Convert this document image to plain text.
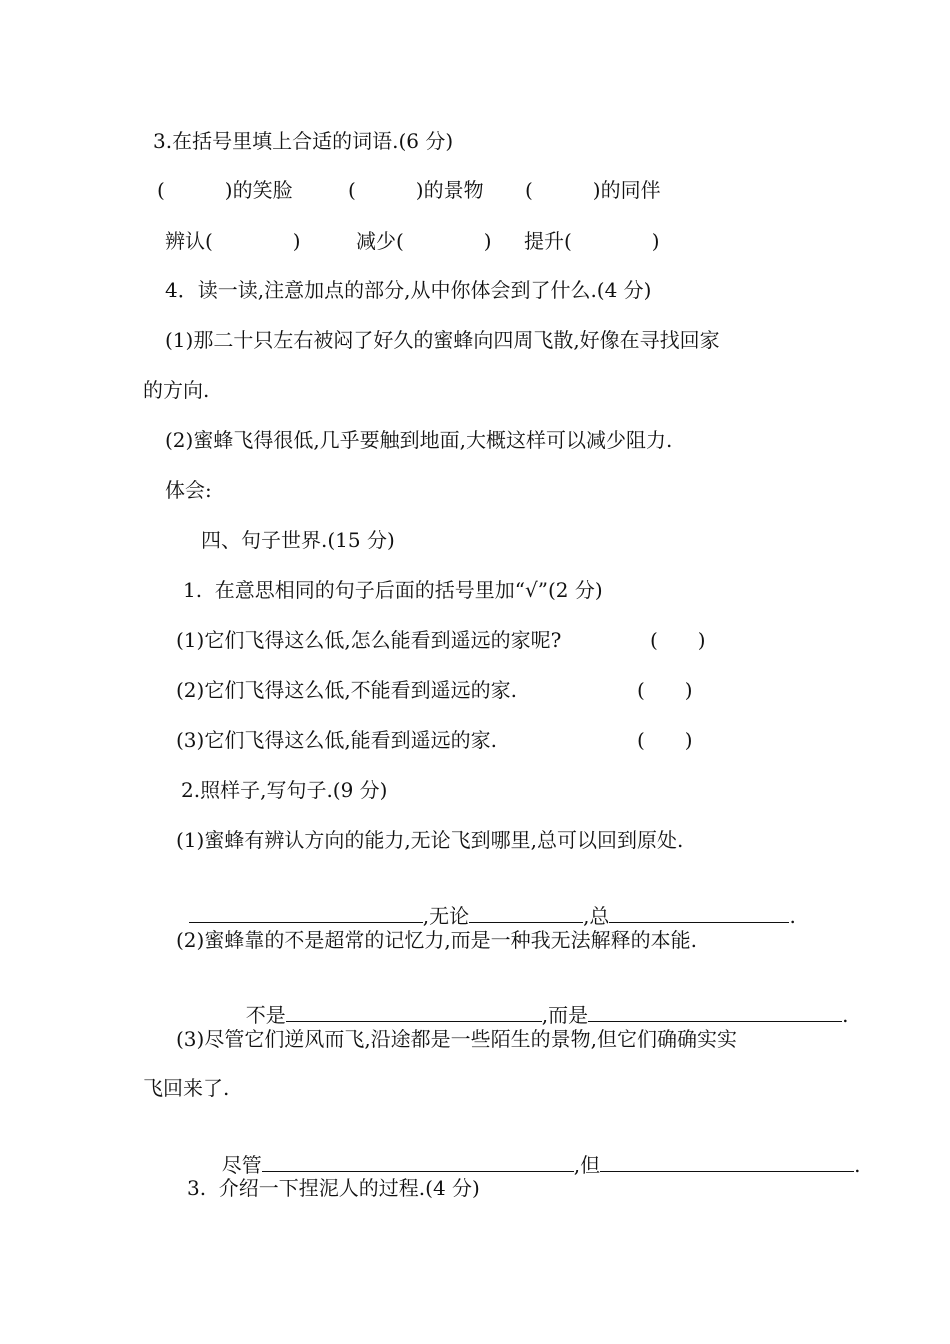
3.在括号里填上合适的词语.(6 分)
(　　　)的笑脸	(　　　)的景物 (　　　)的同伴
辨认(　　　　)	减少(　　　　) 提升(　　　　)
4．读一读,注意加点的部分,从中你体会到了什么.(4 分)
(1)那二十只左右被闷了好久的蜜蜂向四周飞散,好像在寻找回家
的方向.
(2)蜜蜂飞得很低,几乎要触到地面,大概这样可以减少阻力.
体会:
四、句子世界.(15 分)
1.  在意思相同的句子后面的括号里加“√”(2 分)
(1)它们飞得这么低,怎么能看到遥远的家呢?	(　　)
(2)它们飞得这么低,不能看到遥远的家.	(　　)
(3)它们飞得这么低,能看到遥远的家.	(　　)
2.照样子,写句子.(9 分)
(1)蜜蜂有辨认方向的能力,无论飞到哪里,总可以回到原处.

,无论	,总	.

(2)蜜蜂靠的不是超常的记忆力,而是一种我无法解释的本能.

不是	,而是	.

(3)尽管它们逆风而飞,沿途都是一些陌生的景物,但它们确确实实
飞回来了.

尽管	,但	.

3.  介绍一下捏泥人的过程.(4 分)
